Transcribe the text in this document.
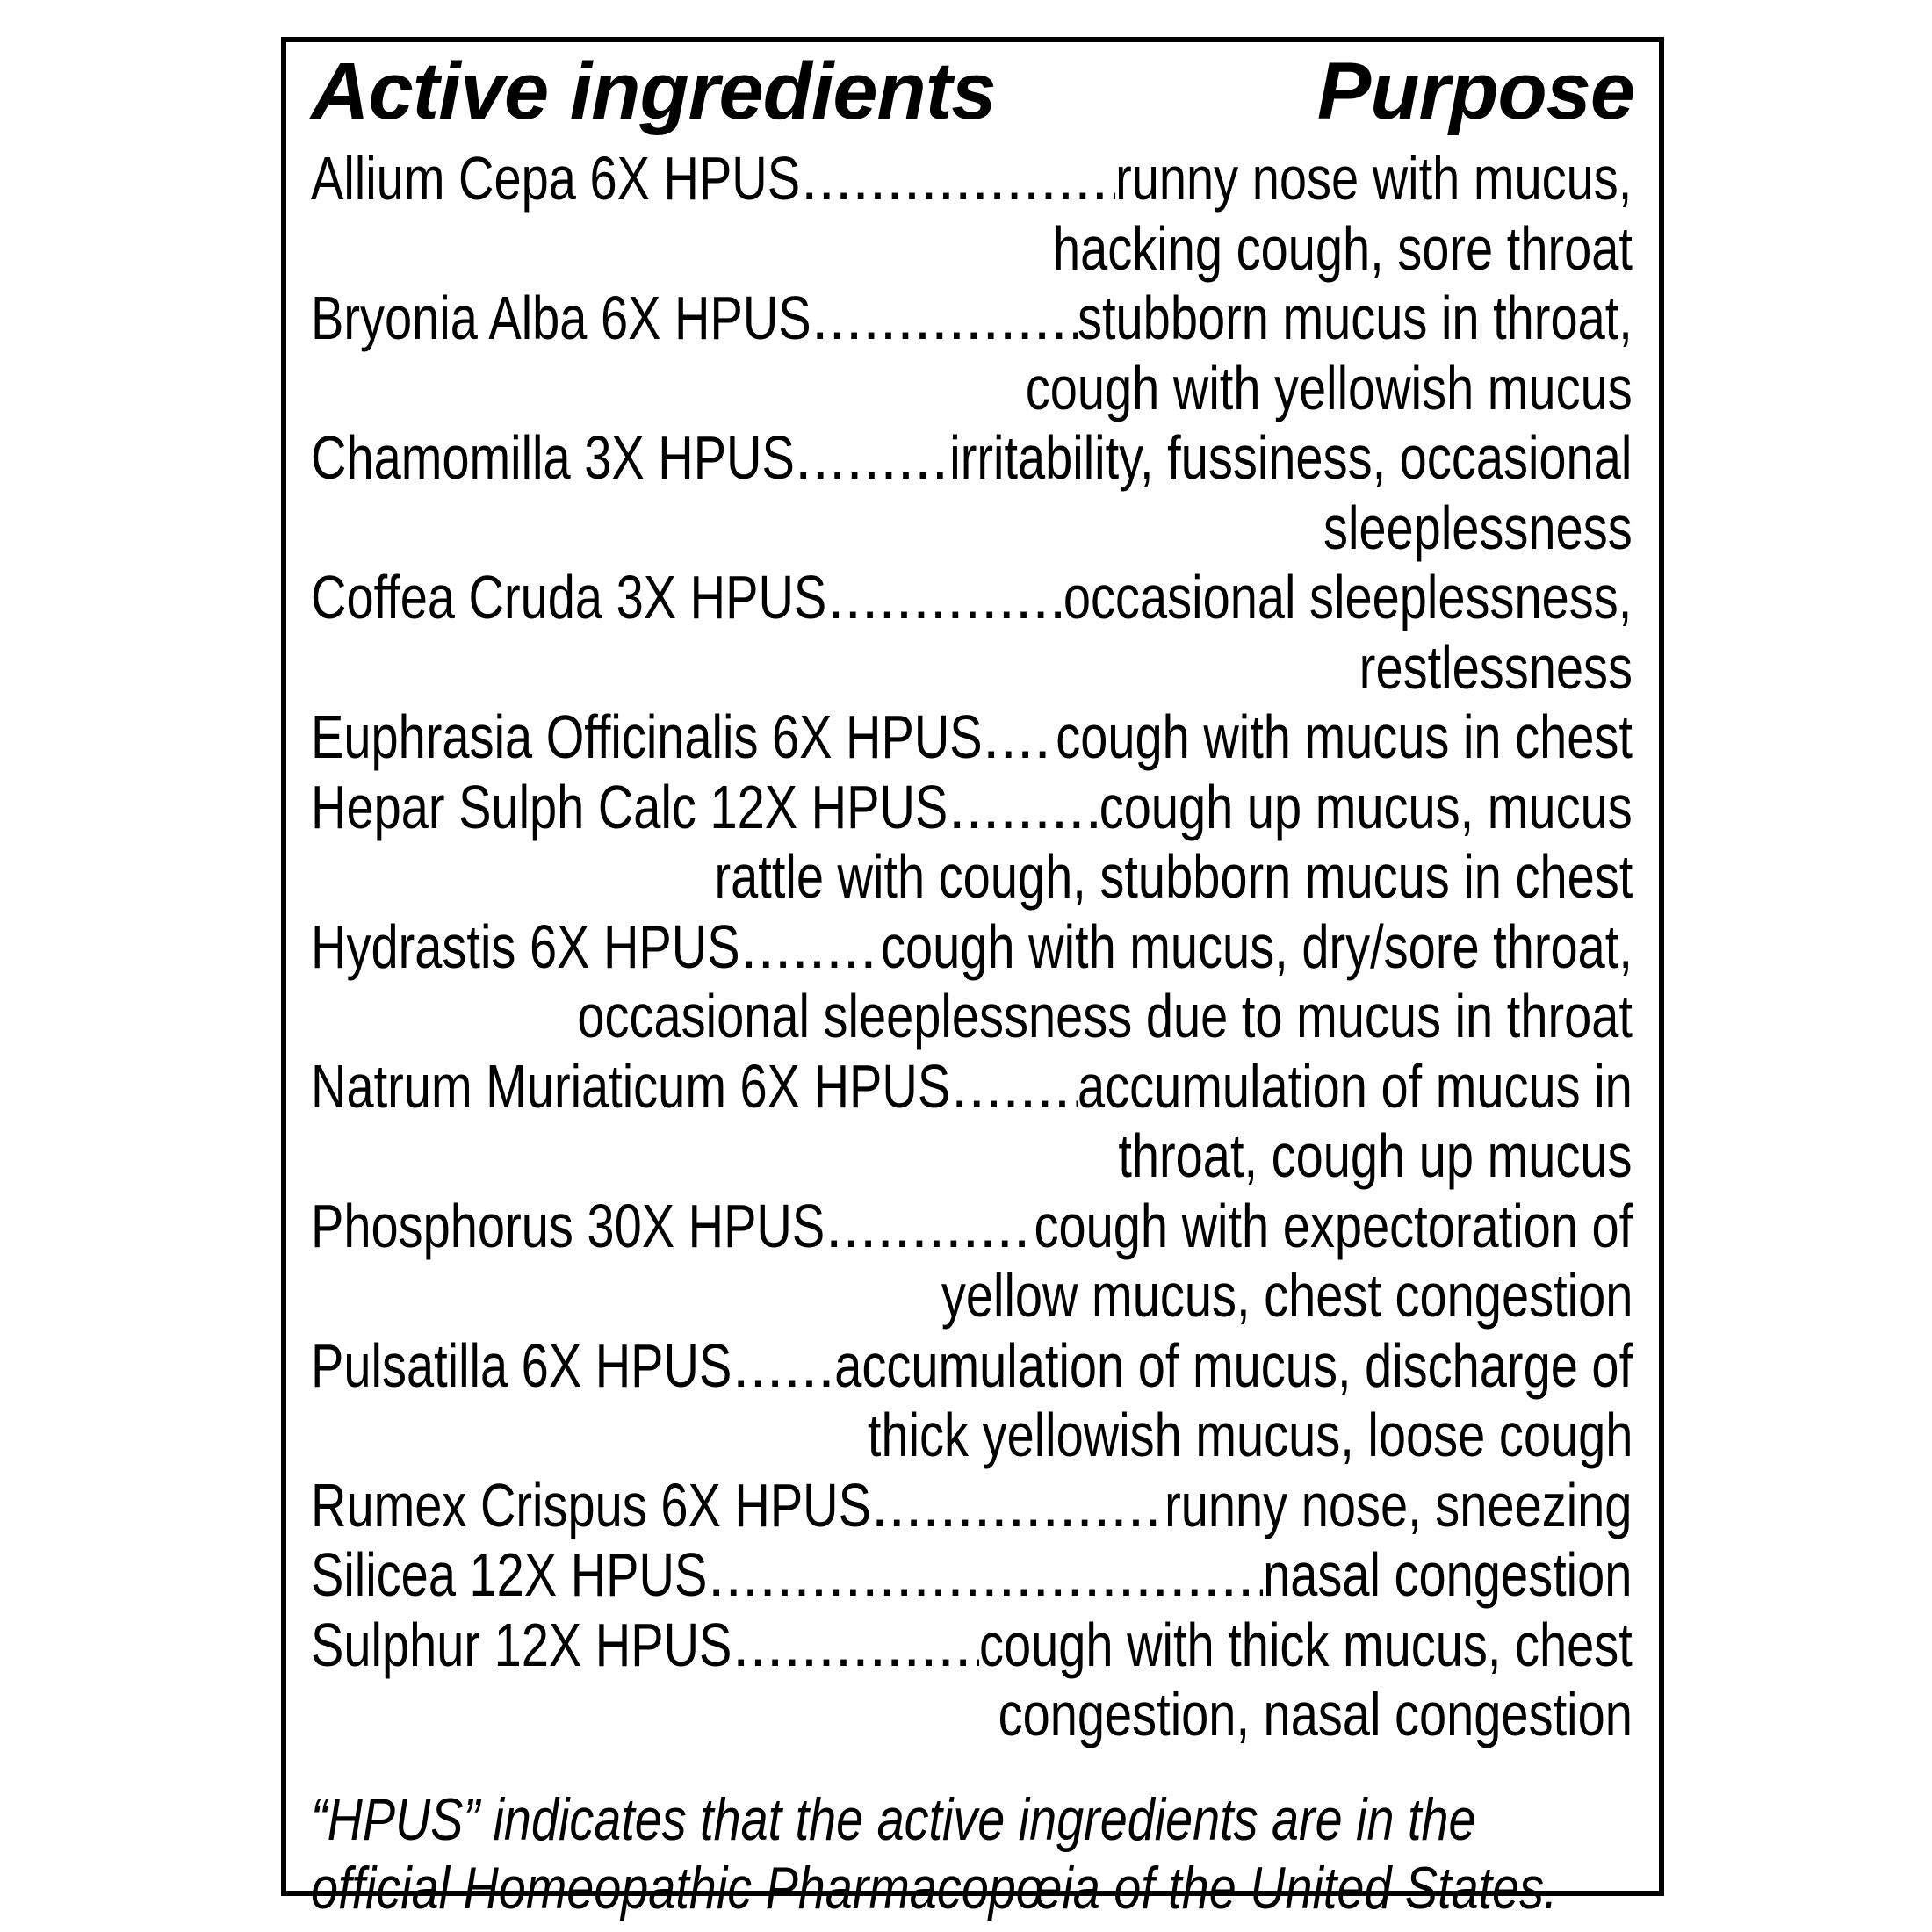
Active ingredients	Purpose
Allium Cepa 6X HPUS .....	runny nose with mucus,
hacking cough, sore throat
Bryonia Alba 6X HPUS .....	stubborn mucus in throat,
cough with yellowish mucus
Chamomilla 3X HPUS .....	irritability, fussiness, occasional
sleeplessness
Coffea Cruda 3X HPUS .....	occasional sleeplessness,
restlessness
Euphrasia Officinalis 6X HPUS ..... cough with mucus in chest
Hepar Sulph Calc 12X HPUS ..... cough up mucus, mucus
rattle with cough, stubborn mucus in chest
Hydrastis 6X HPUS ..... cough with mucus, dry/sore throat,
occasional sleeplessness due to mucus in throat
Natrum Muriaticum 6X HPUS ..... accumulation of mucus in
throat, cough up mucus
Phosphorus 30X HPUS .....	cough with expectoration of
yellow mucus, chest congestion
Pulsatilla 6X HPUS ..... accumulation of mucus, discharge of
thick yellowish mucus, loose cough
Rumex Crispus 6X HPUS .....	runny nose, sneezing
Silicea 12X HPUS .....	nasal congestion
Sulphur 12X HPUS .....	cough with thick mucus, chest
congestion, nasal congestion
“HPUS” indicates that the active ingredients are in the
official Homeopathic Pharmacopœia of the United States.
